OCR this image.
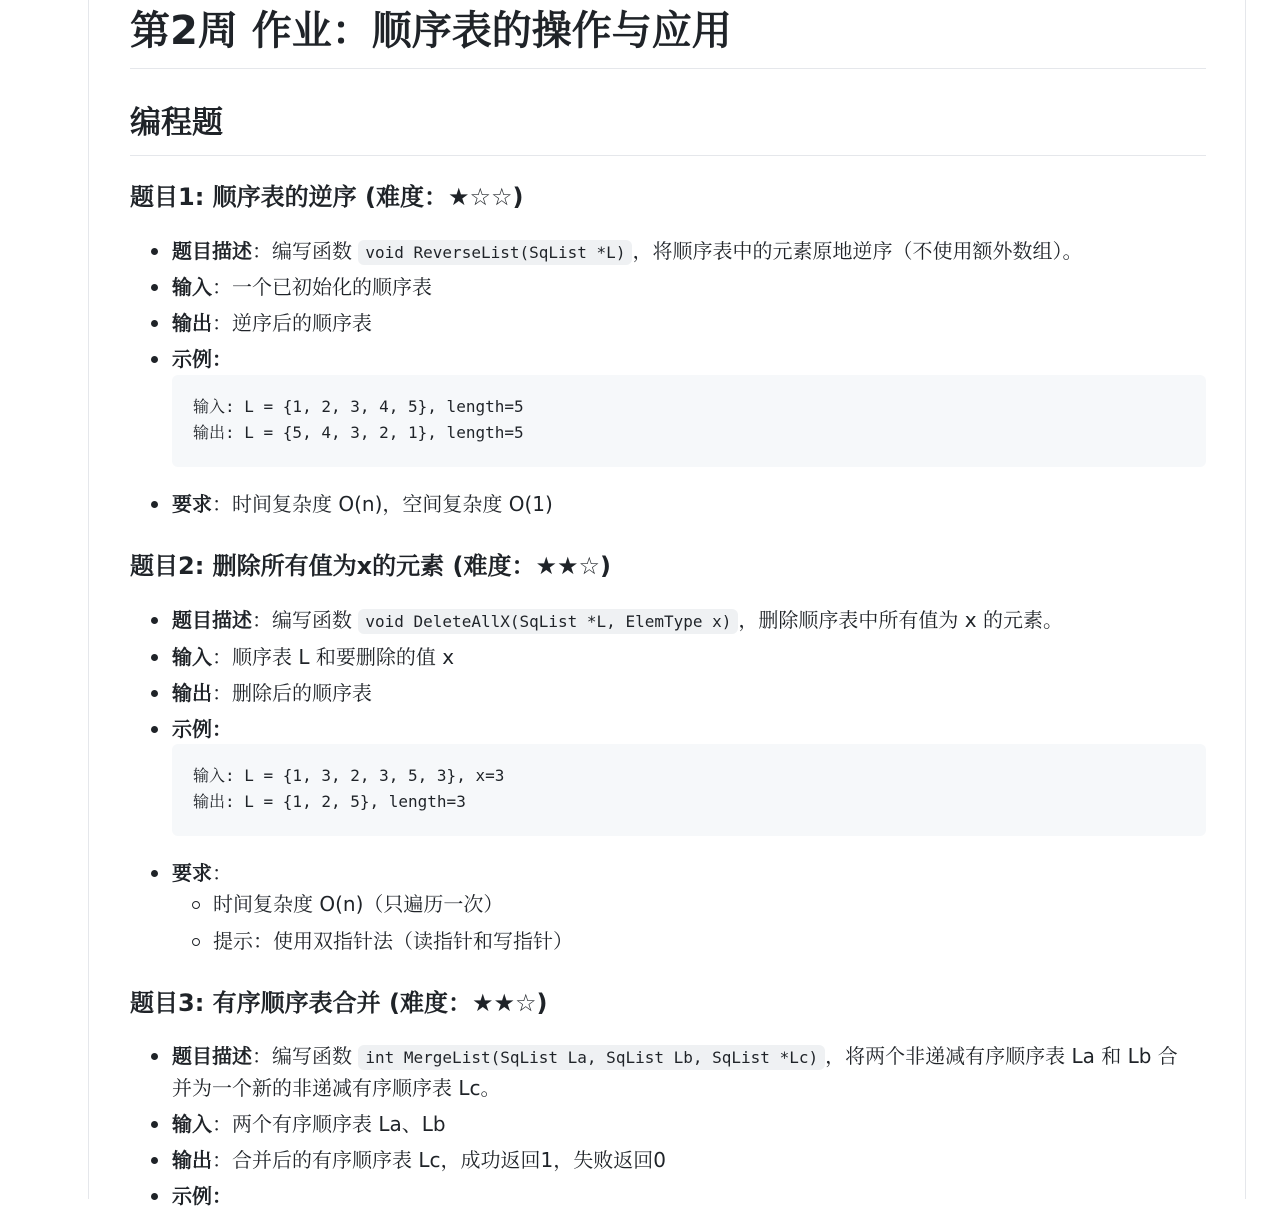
第2周 作业：顺序表的操作与应用
编程题
题目1: 顺序表的逆序 (难度：★☆☆)
题目描述：编写函数 void ReverseList(SqList *L) ，将顺序表中的元素原地逆序（不使用额外数组）。
输入：一个已初始化的顺序表
输出：逆序后的顺序表
示例：
输入: L = {1, 2, 3, 4, 5}, length=5
输出: L = {5, 4, 3, 2, 1}, length=5
要求：时间复杂度 O(n)，空间复杂度 O(1)
题目2: 删除所有值为x的元素 (难度：★★☆)
题目描述：编写函数 void DeleteAllX(SqList *L, ElemType x) ，删除顺序表中所有值为 x 的元素。
输入：顺序表 L 和要删除的值 x
输出：删除后的顺序表
示例：
输入: L = {1, 3, 2, 3, 5, 3}, x=3
输出: L = {1, 2, 5}, length=3
要求：
时间复杂度 O(n)（只遍历一次）
提示：使用双指针法（读指针和写指针）
题目3: 有序顺序表合并 (难度：★★☆)
题目描述：编写函数 int MergeList(SqList La, SqList Lb, SqList *Lc) ，将两个非递减有序顺序表 La 和 Lb 合
并为一个新的非递减有序顺序表 Lc。
输入：两个有序顺序表 La、Lb
输出：合并后的有序顺序表 Lc，成功返回1，失败返回0
示例：
